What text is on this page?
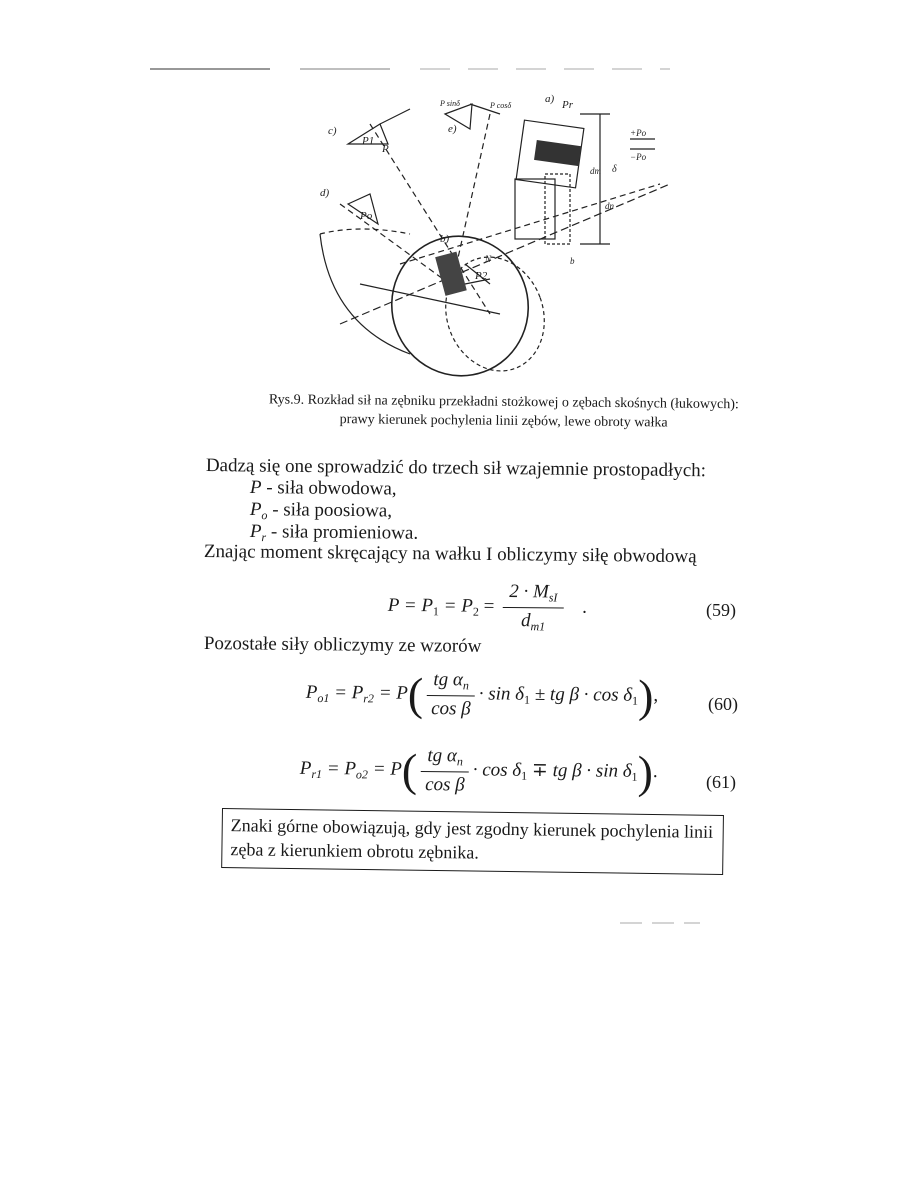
a)
b)
c)
d)
e)
P
Pr
Po
P1
P2
P sinδ	P cosδ
+Po
−Po
dm
dn
δ
b
N
Rys.9. Rozkład sił na zębniku przekładni stożkowej o zębach skośnych (łukowych):
prawy kierunek pochylenia linii zębów, lewe obroty wałka
Dadzą się one sprowadzić do trzech sił wzajemnie prostopadłych:
P - siła obwodowa,
$P_o$ - siła poosiowa,
$P_r$ - siła promieniowa.
Znając moment skręcający na wałku I obliczymy siłę obwodową
$P = P_1 = P_2 = \frac{2 \cdot M_{sI}}{d_{m1}}$ .	(59)
Pozostałe siły obliczymy ze wzorów
$P_{o1} = P_{r2} = P( \frac{tg \alpha_n}{\text{cos β}} \cdot \sin \delta_1$ ± tg $\beta \cdot \cos \delta_1$),	(60)
$P_{r1} = P_{o2} = P( \frac{tg \alpha_n}{\text{cos β}} \cdot \cos \delta_1$ ∓ tg $\beta \cdot \sin \delta_1$).
(61)
Znaki górne obowiązują, gdy jest zgodny kierunek pochylenia linii
zęba z kierunkiem obrotu zębnika.
